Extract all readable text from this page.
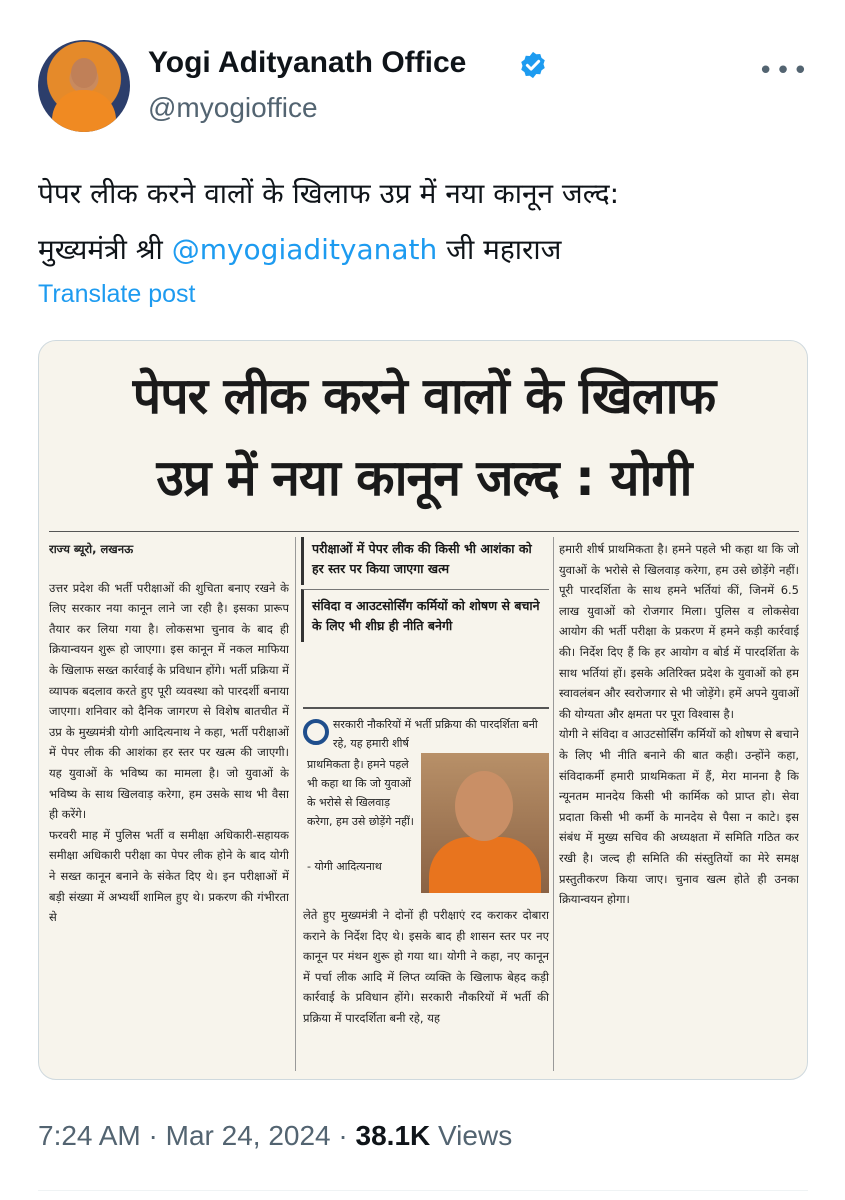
Yogi Adityanath Office
@myogioffice
•••
पेपर लीक करने वालों के खिलाफ उप्र में नया कानून जल्द:
मुख्यमंत्री श्री @myogiadityanath जी महाराज
Translate post
पेपर लीक करने वालों के खिलाफ
उप्र में नया कानून जल्द : योगी
राज्य ब्यूरो, लखनऊ

उत्तर प्रदेश की भर्ती परीक्षाओं की शुचिता बनाए रखने के लिए सरकार नया कानून लाने जा रही है। इसका प्रारूप तैयार कर लिया गया है। लोकसभा चुनाव के बाद ही क्रियान्वयन शुरू हो जाएगा। इस कानून में नकल माफिया के खिलाफ सख्त कार्रवाई के प्रविधान होंगे। भर्ती प्रक्रिया में व्यापक बदलाव करते हुए पूरी व्यवस्था को पारदर्शी बनाया जाएगा। शनिवार को दैनिक जागरण से विशेष बातचीत में उप्र के मुख्यमंत्री योगी आदित्यनाथ ने कहा, भर्ती परीक्षाओं में पेपर लीक की आशंका हर स्तर पर खत्म की जाएगी। यह युवाओं के भविष्य का मामला है। जो युवाओं के भविष्य के साथ खिलवाड़ करेगा, हम उसके साथ भी वैसा ही करेंगे।

फरवरी माह में पुलिस भर्ती व समीक्षा अधिकारी-सहायक समीक्षा अधिकारी परीक्षा का पेपर लीक होने के बाद योगी ने सख्त कानून बनाने के संकेत दिए थे। इन परीक्षाओं में बड़ी संख्या में अभ्यर्थी शामिल हुए थे। प्रकरण की गंभीरता से

परीक्षाओं में पेपर लीक की किसी भी आशंका को हर स्तर पर किया जाएगा खत्म
संविदा व आउटसोर्सिंग कर्मियों को शोषण से बचाने के लिए भी शीघ्र ही नीति बनेगी
सरकारी नौकरियों में भर्ती प्रक्रिया की पारदर्शिता बनी रहे, यह हमारी शीर्ष
प्राथमिकता है। हमने पहले भी कहा था कि जो युवाओं के भरोसे से खिलवाड़ करेगा, हम उसे छोड़ेंगे नहीं।
- योगी आदित्यनाथ
लेते हुए मुख्यमंत्री ने दोनों ही परीक्षाएं रद कराकर दोबारा कराने के निर्देश दिए थे। इसके बाद ही शासन स्तर पर नए कानून पर मंथन शुरू हो गया था। योगी ने कहा, नए कानून में पर्चा लीक आदि में लिप्त व्यक्ति के खिलाफ बेहद कड़ी कार्रवाई के प्रविधान होंगे। सरकारी नौकरियों में भर्ती की प्रक्रिया में पारदर्शिता बनी रहे, यह

हमारी शीर्ष प्राथमिकता है। हमने पहले भी कहा था कि जो युवाओं के भरोसे से खिलवाड़ करेगा, हम उसे छोड़ेंगे नहीं। पूरी पारदर्शिता के साथ हमने भर्तियां कीं, जिनमें 6.5 लाख युवाओं को रोजगार मिला। पुलिस व लोकसेवा आयोग की भर्ती परीक्षा के प्रकरण में हमने कड़ी कार्रवाई की। निर्देश दिए हैं कि हर आयोग व बोर्ड में पारदर्शिता के साथ भर्तियां हों। इसके अतिरिक्त प्रदेश के युवाओं को हम स्वावलंबन और स्वरोजगार से भी जोड़ेंगे। हमें अपने युवाओं की योग्यता और क्षमता पर पूरा विश्वास है।

योगी ने संविदा व आउटसोर्सिंग कर्मियों को शोषण से बचाने के लिए भी नीति बनाने की बात कही। उन्होंने कहा, संविदाकर्मी हमारी प्राथमिकता में हैं, मेरा मानना है कि न्यूनतम मानदेय किसी भी कार्मिक को प्राप्त हो। सेवा प्रदाता किसी भी कर्मी के मानदेय से पैसा न काटे। इस संबंध में मुख्य सचिव की अध्यक्षता में समिति गठित कर रखी है। जल्द ही समिति की संस्तुतियों का मेरे समक्ष प्रस्तुतीकरण किया जाए। चुनाव खत्म होते ही उनका क्रियान्वयन होगा।

7:24 AM · Mar 24, 2024 · 38.1K Views
